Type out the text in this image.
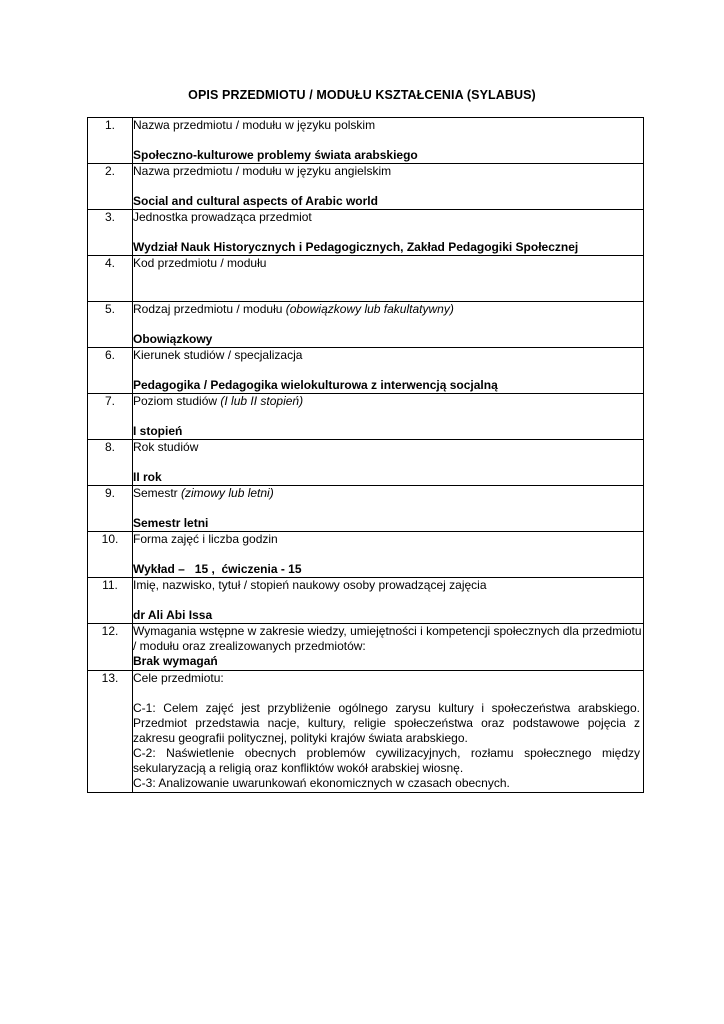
OPIS PRZEDMIOTU / MODUŁU KSZTAŁCENIA (SYLABUS)
1.	Nazwa przedmiotu / modułu w języku polskim
Społeczno-kulturowe problemy świata arabskiego

2.	Nazwa przedmiotu / modułu w języku angielskim
Social and cultural aspects of Arabic world

3.	Jednostka prowadząca przedmiot
Wydział Nauk Historycznych i Pedagogicznych, Zakład Pedagogiki Społecznej

4.	Kod przedmiotu / modułu

5.	Rodzaj przedmiotu / modułu (obowiązkowy lub fakultatywny)
Obowiązkowy

6.	Kierunek studiów / specjalizacja
Pedagogika / Pedagogika wielokulturowa z interwencją socjalną

7.	Poziom studiów (I lub II stopień)
I stopień

8.	Rok studiów
II rok

9.	Semestr (zimowy lub letni)
Semestr letni

10.	Forma zajęć i liczba godzin
Wykład –   15 ,  ćwiczenia - 15

11.	Imię, nazwisko, tytuł / stopień naukowy osoby prowadzącej zajęcia
dr Ali Abi Issa

12.	Wymagania wstępne w zakresie wiedzy, umiejętności i kompetencji społecznych dla przedmiotu / modułu oraz zrealizowanych przedmiotów:
Brak wymagań

13.	Cele przedmiotu:
C-1: Celem zajęć jest przybliżenie ogólnego zarysu kultury i społeczeństwa arabskiego. Przedmiot przedstawia nacje, kultury, religie społeczeństwa oraz podstawowe pojęcia z zakresu geografii politycznej, polityki krajów świata arabskiego.
C-2: Naświetlenie obecnych problemów cywilizacyjnych, rozłamu społecznego między sekularyzacją a religią oraz konfliktów wokół arabskiej wiosnę.
C-3: Analizowanie uwarunkowań ekonomicznych w czasach obecnych.
